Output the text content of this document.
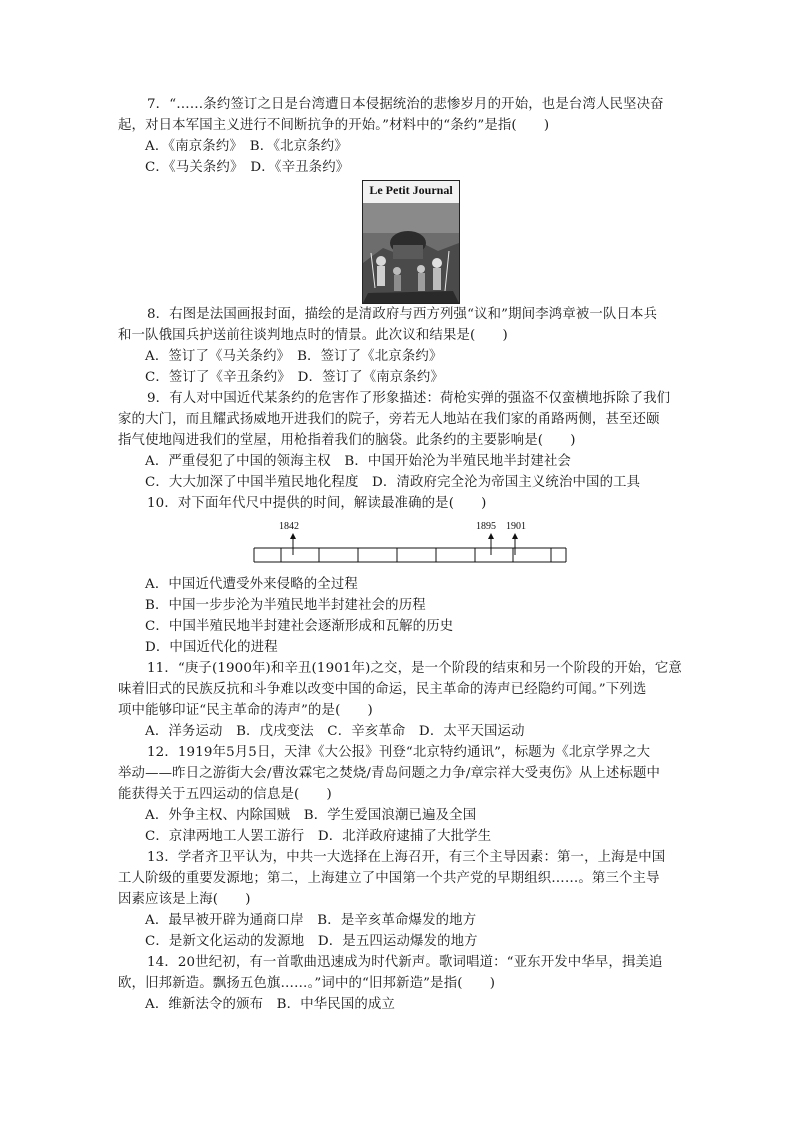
7．“……条约签订之日是台湾遭日本侵据统治的悲惨岁月的开始，也是台湾人民坚决奋
起，对日本军国主义进行不间断抗争的开始。”材料中的“条约”是指(　　)
A．《南京条约》　B．《北京条约》
C．《马关条约》　D．《辛丑条约》
Le Petit Journal
8．右图是法国画报封面，描绘的是清政府与西方列强“议和”期间李鸿章被一队日本兵
和一队俄国兵护送前往谈判地点时的情景。此次议和结果是(　　)
A．签订了《马关条约》　B．签订了《北京条约》
C．签订了《辛丑条约》　D．签订了《南京条约》
9．有人对中国近代某条约的危害作了形象描述：荷枪实弹的强盗不仅蛮横地拆除了我们
家的大门，而且耀武扬威地开进我们的院子，旁若无人地站在我们家的甬路两侧，甚至还颐
指气使地闯进我们的堂屋，用枪指着我们的脑袋。此条约的主要影响是(　　)
A．严重侵犯了中国的领海主权　B．中国开始沦为半殖民地半封建社会
C．大大加深了中国半殖民地化程度　D．清政府完全沦为帝国主义统治中国的工具
10．对下面年代尺中提供的时间，解读最准确的是(　　)
1842	1895 1901
A．中国近代遭受外来侵略的全过程
B．中国一步步沦为半殖民地半封建社会的历程
C．中国半殖民地半封建社会逐渐形成和瓦解的历史
D．中国近代化的进程
11．“庚子(1900年)和辛丑(1901年)之交，是一个阶段的结束和另一个阶段的开始，它意
味着旧式的民族反抗和斗争难以改变中国的命运，民主革命的涛声已经隐约可闻。”下列选
项中能够印证“民主革命的涛声”的是(　　)
A．洋务运动　B．戊戌变法　C．辛亥革命　D．太平天国运动
12．1919年5月5日，天津《大公报》刊登“北京特约通讯”，标题为《北京学界之大
举动——昨日之游街大会/曹汝霖宅之焚烧/青岛问题之力争/章宗祥大受夷伤》从上述标题中
能获得关于五四运动的信息是(　　)
A．外争主权、内除国贼　B．学生爱国浪潮已遍及全国
C．京津两地工人罢工游行　D．北洋政府逮捕了大批学生
13．学者齐卫平认为，中共一大选择在上海召开，有三个主导因素：第一，上海是中国
工人阶级的重要发源地；第二，上海建立了中国第一个共产党的早期组织……。第三个主导
因素应该是上海(　　)
A．最早被开辟为通商口岸　B．是辛亥革命爆发的地方
C．是新文化运动的发源地　D．是五四运动爆发的地方
14．20世纪初，有一首歌曲迅速成为时代新声。歌词唱道：“亚东开发中华早，揖美追
欧，旧邦新造。飘扬五色旗……。”词中的“旧邦新造”是指(　　)
A．维新法令的颁布　B．中华民国的成立
